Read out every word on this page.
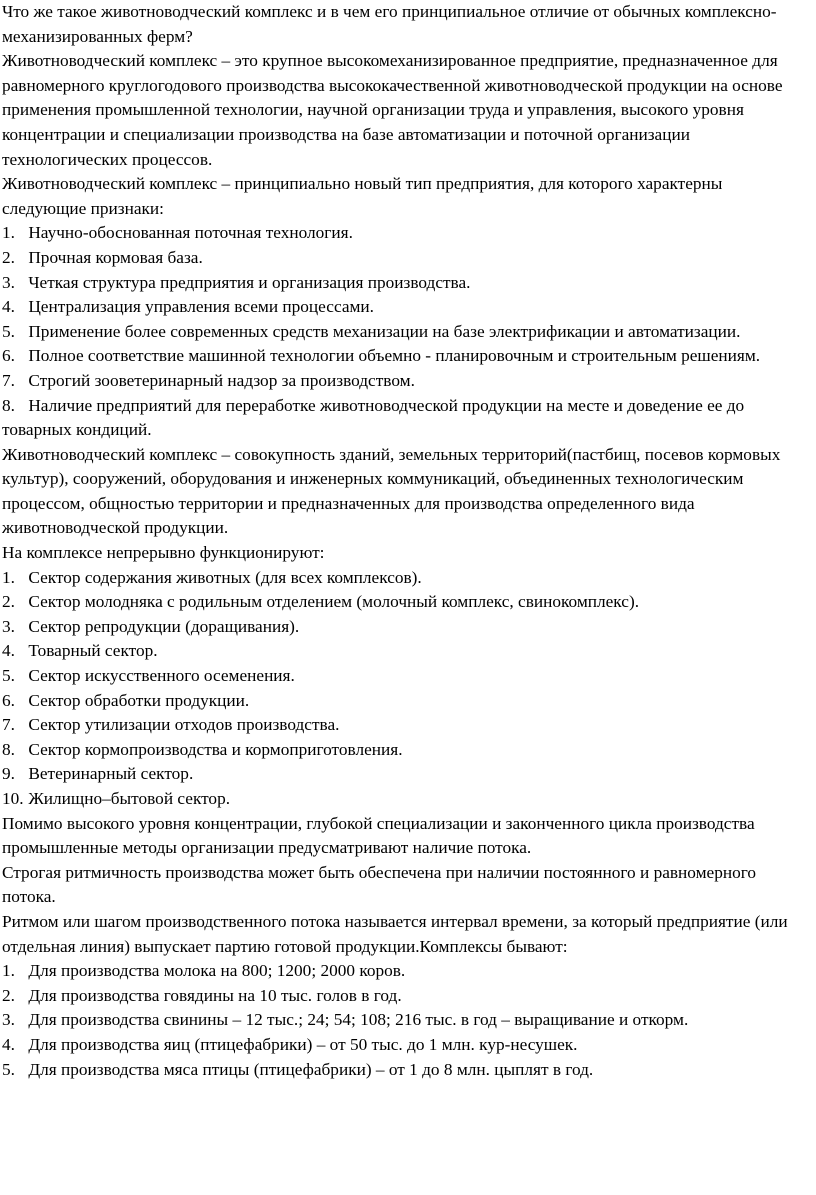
Что же такое животноводческий комплекс и в чем его принципиальное отличие от обычных комплексно-механизированных ферм?

Животноводческий комплекс – это крупное высокомеханизированное предприятие, предназначенное для равномерного круглогодового производства высококачественной животноводческой продукции на основе применения промышленной технологии, научной организации труда и управления, высокого уровня концентрации и специализации производства на базе автоматизации и поточной организации технологических процессов.

Животноводческий комплекс – принципиально новый тип предприятия, для которого характерны следующие признаки:

1. Научно-обоснованная поточная технология.
2. Прочная кормовая база.
3. Четкая структура предприятия и организация производства.
4. Централизация управления всеми процессами.
5. Применение более современных средств механизации на базе электрификации и автоматизации.
6. Полное соответствие машинной технологии объемно - планировочным и строительным решениям.
7. Строгий зооветеринарный надзор за производством.
8. Наличие предприятий для переработке животноводческой продукции на месте и доведение ее до товарных кондиций.

Животноводческий комплекс – совокупность зданий, земельных территорий(пастбищ, посевов кормовых культур), сооружений, оборудования и инженерных коммуникаций, объединенных технологическим процессом, общностью территории и предназначенных для производства определенного вида животноводческой продукции.

На комплексе непрерывно функционируют:

1. Сектор содержания животных (для всех комплексов).
2. Сектор молодняка с родильным отделением (молочный комплекс, свинокомплекс).
3. Сектор репродукции (доращивания).
4. Товарный сектор.
5. Сектор искусственного осеменения.
6. Сектор обработки продукции.
7. Сектор утилизации отходов производства.
8. Сектор кормопроизводства и кормоприготовления.
9. Ветеринарный сектор.
10. Жилищно–бытовой сектор.

Помимо высокого уровня концентрации, глубокой специализации и законченного цикла производства промышленные методы организации предусматривают наличие потока.

Строгая ритмичность производства может быть обеспечена при наличии постоянного и равномерного потока.

Ритмом или шагом производственного потока называется интервал времени, за который предприятие (или отдельная линия) выпускает партию готовой продукции.Комплексы бывают:

1. Для производства молока на 800; 1200; 2000 коров.
2. Для производства говядины на 10 тыс. голов в год.
3. Для производства свинины – 12 тыс.; 24; 54; 108; 216 тыс. в год – выращивание и откорм.
4. Для производства яиц (птицефабрики) – от 50 тыс. до 1 млн. кур-несушек.
5. Для производства мяса птицы (птицефабрики) – от 1 до 8 млн. цыплят в год.
